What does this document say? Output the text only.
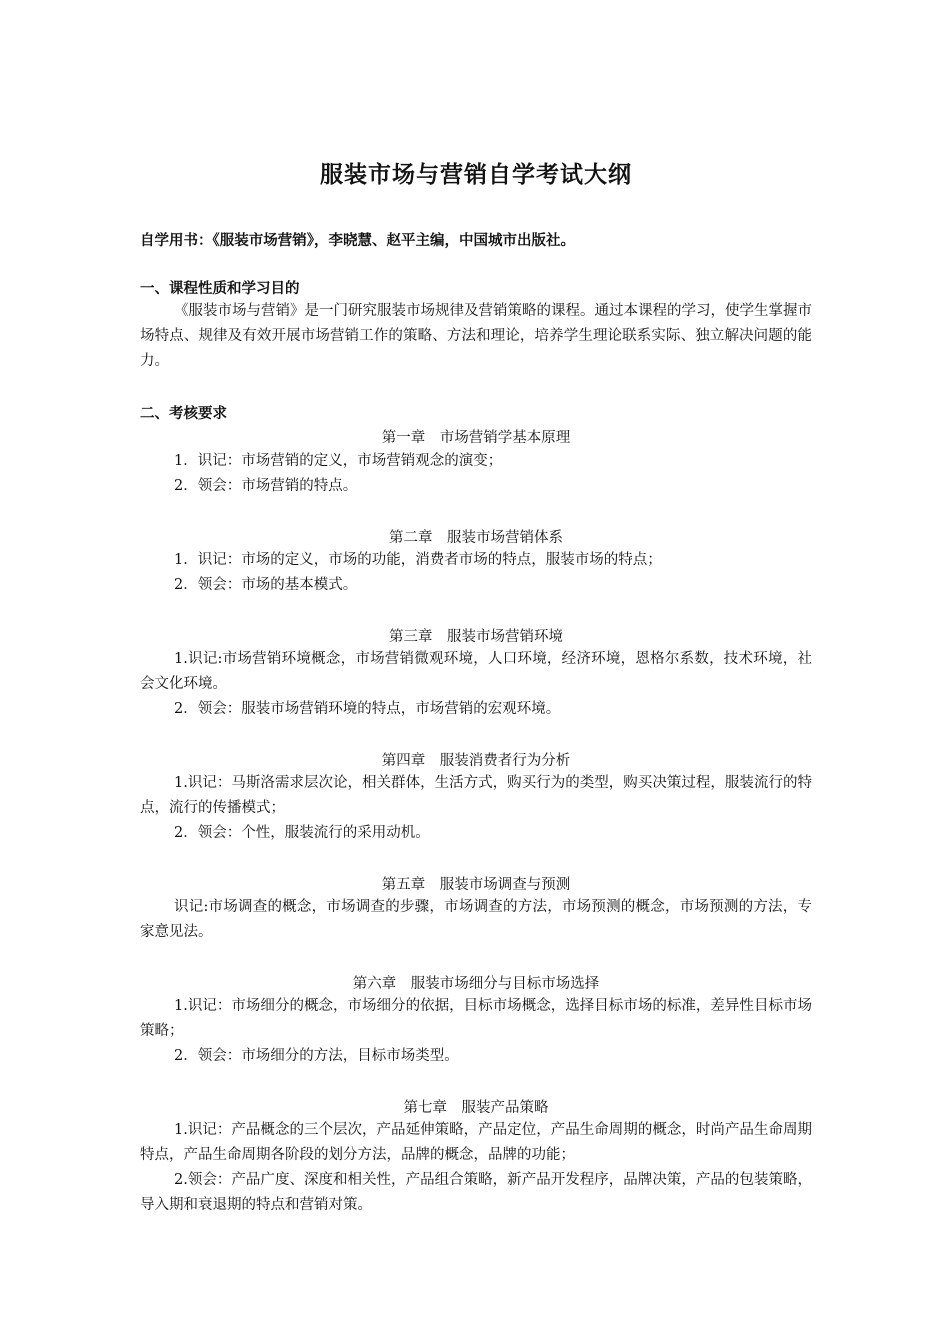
服装市场与营销自学考试大纲
自学用书：《服装市场营销》，李晓慧、赵平主编，中国城市出版社。
一、课程性质和学习目的
《服装市场与营销》是一门研究服装市场规律及营销策略的课程。通过本课程的学习，使学生掌握市场特点、规律及有效开展市场营销工作的策略、方法和理论，培养学生理论联系实际、独立解决问题的能力。
二、考核要求
第一章　市场营销学基本原理
1．识记：市场营销的定义，市场营销观念的演变；
2．领会：市场营销的特点。
第二章　服装市场营销体系
1．识记：市场的定义，市场的功能，消费者市场的特点，服装市场的特点；
2．领会：市场的基本模式。
第三章　服装市场营销环境
1.识记:市场营销环境概念，市场营销微观环境，人口环境，经济环境，恩格尔系数，技术环境，社会文化环境。
2．领会：服装市场营销环境的特点，市场营销的宏观环境。
第四章　服装消费者行为分析
1.识记：马斯洛需求层次论，相关群体，生活方式，购买行为的类型，购买决策过程，服装流行的特点，流行的传播模式；
2．领会：个性，服装流行的采用动机。
第五章　服装市场调查与预测
识记:市场调查的概念，市场调查的步骤，市场调查的方法，市场预测的概念，市场预测的方法，专家意见法。
第六章　服装市场细分与目标市场选择
1.识记：市场细分的概念，市场细分的依据，目标市场概念，选择目标市场的标准，差异性目标市场策略；
2．领会：市场细分的方法，目标市场类型。
第七章　服装产品策略
1.识记：产品概念的三个层次，产品延伸策略，产品定位，产品生命周期的概念，时尚产品生命周期特点，产品生命周期各阶段的划分方法，品牌的概念，品牌的功能；
2.领会：产品广度、深度和相关性，产品组合策略，新产品开发程序，品牌决策，产品的包装策略，导入期和衰退期的特点和营销对策。
